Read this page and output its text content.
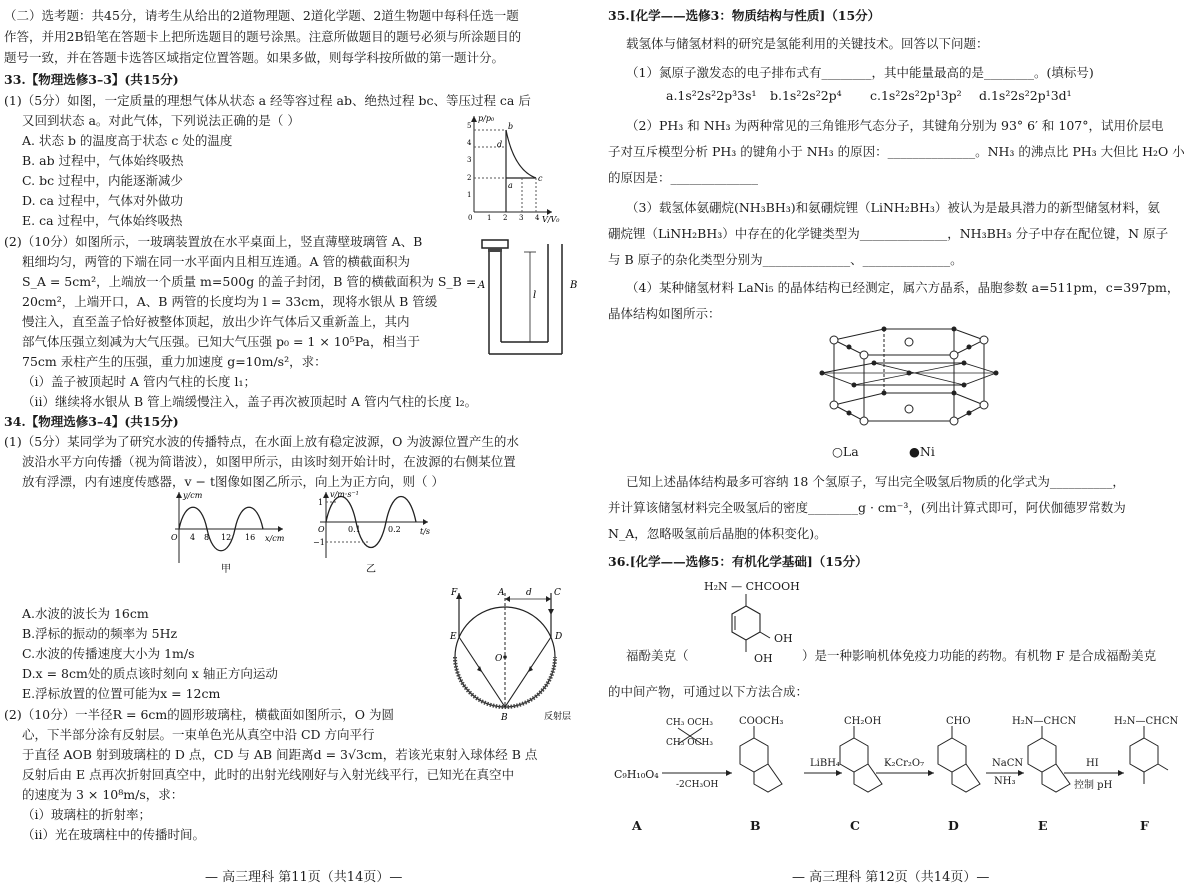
（二）选考题：共45分，请考生从给出的2道物理题、2道化学题、2道生物题中每科任选一题
作答，并用2B铅笔在答题卡上把所选题目的题号涂黑。注意所做题目的题号必须与所涂题目的
题号一致，并在答题卡选答区域指定位置答题。如果多做，则每学科按所做的第一题计分。
33.【物理选修3–3】(共15分)
(1)（5分）如图，一定质量的理想气体从状态 a 经等容过程 ab、绝热过程 bc、等压过程 ca 后
又回到状态 a。对此气体，下列说法正确的是（ ）
A. 状态 b 的温度高于状态 c 处的温度
B. ab 过程中，气体始终吸热
C. bc 过程中，内能逐渐减少
D. ca 过程中，气体对外做功
E. ca 过程中，气体始终吸热
p/p₀
V/V₀
1
2
3
4
5
0 1 2 3 4
b
d
a
c
(2)（10分）如图所示，一玻璃装置放在水平桌面上，竖直薄壁玻璃管 A、B
粗细均匀，两管的下端在同一水平面内且相互连通。A 管的横截面积为
S_A = 5cm²，上端放一个质量 m=500g 的盖子封闭，B 管的横截面积为 S_B =
20cm²，上端开口，A、B 两管的长度均为 l = 33cm，现将水银从 B 管缓
慢注入，直至盖子恰好被整体顶起，放出少许气体后又重新盖上，其内
部气体压强立刻减为大气压强。已知大气压强 p₀ = 1 × 10⁵Pa，相当于
75cm 汞柱产生的压强，重力加速度 g=10m/s²，求：
（i）盖子被顶起时 A 管内气柱的长度 l₁；
（ii）继续将水银从 B 管上端缓慢注入，盖子再次被顶起时 A 管内气柱的长度 l₂。
A	B
l
34.【物理选修3–4】(共15分)
(1)（5分）某同学为了研究水波的传播特点，在水面上放有稳定波源，O 为波源位置产生的水
波沿水平方向传播（视为简谐波），如图甲所示，由该时刻开始计时，在波源的右侧某位置
放有浮漂，内有速度传感器，v − t图像如图乙所示，向上为正方向，则（ ）
y/cm
x/cm
O 4 8 12 16
甲
v/m·s⁻¹
t/s
1
−1
O	0.1	0.2
乙
A.水波的波长为 16cm
B.浮标的振动的频率为 5Hz
C.水波的传播速度大小为 1m/s
D.x = 8cm处的质点该时刻向 x 轴正方向运动
E.浮标放置的位置可能为x = 12cm
F	A d C
E	D
O
B	反射层
(2)（10分）一半径R = 6cm的圆形玻璃柱，横截面如图所示，O 为圆
心，下半部分涂有反射层。一束单色光从真空中沿 CD 方向平行
于直径 AOB 射到玻璃柱的 D 点，CD 与 AB 间距离d = 3√3cm，若该光束射入球体经 B 点
反射后由 E 点再次折射回真空中，此时的出射光线刚好与入射光线平行，已知光在真空中
的速度为 3 × 10⁸m/s，求：
（i）玻璃柱的折射率；
（ii）光在玻璃柱中的传播时间。
— 高三理科 第11页（共14页）—
35.[化学——选修3：物质结构与性质]（15分）
载氢体与储氢材料的研究是氢能利用的关键技术。回答以下问题：
（1）氮原子激发态的电子排布式有________，其中能量最高的是________。(填标号)
a.1s²2s²2p³3s¹ b.1s²2s²2p⁴ c.1s²2s²2p¹3p² d.1s²2s²2p¹3d¹
（2）PH₃ 和 NH₃ 为两种常见的三角锥形气态分子，其键角分别为 93° 6′ 和 107°，试用价层电
子对互斥模型分析 PH₃ 的键角小于 NH₃ 的原因：______________。NH₃ 的沸点比 PH₃ 大但比 H₂O 小
的原因是：______________
（3）载氢体氨硼烷(NH₃BH₃)和氨硼烷锂（LiNH₂BH₃）被认为是最具潜力的新型储氢材料，氨
硼烷锂（LiNH₂BH₃）中存在的化学键类型为______________，NH₃BH₃ 分子中存在配位键，N 原子
与 B 原子的杂化类型分别为______________、______________。
（4）某种储氢材料 LaNi₅ 的晶体结构已经测定，属六方晶系，晶胞参数 a=511pm，c=397pm，
晶体结构如图所示：
○La	●Ni
已知上述晶体结构最多可容纳 18 个氢原子，写出完全吸氢后物质的化学式为__________，
并计算该储氢材料完全吸氢后的密度________g · cm⁻³，(列出计算式即可，阿伏伽德罗常数为
N_A，忽略吸氢前后晶胞的体积变化)。
36.[化学——选修5：有机化学基础]（15分）
H₂N — CHCOOH
OH
OH
福酚美克（	）是一种影响机体免疫力功能的药物。有机物 F 是合成福酚美克
的中间产物，可通过以下方法合成：
C₉H₁₀O₄
CH₃ OCH₃
CH₃ OCH₃
-2CH₃OH
COOCH₃	CH₂OH	CHO	H₂N—CHCN	H₂N—CHCN
LiBH₄	K₂Cr₂O₇	NaCN
NH₃
HI
控制 pH
A	B	C	D	E	F
— 高三理科 第12页（共14页）—
